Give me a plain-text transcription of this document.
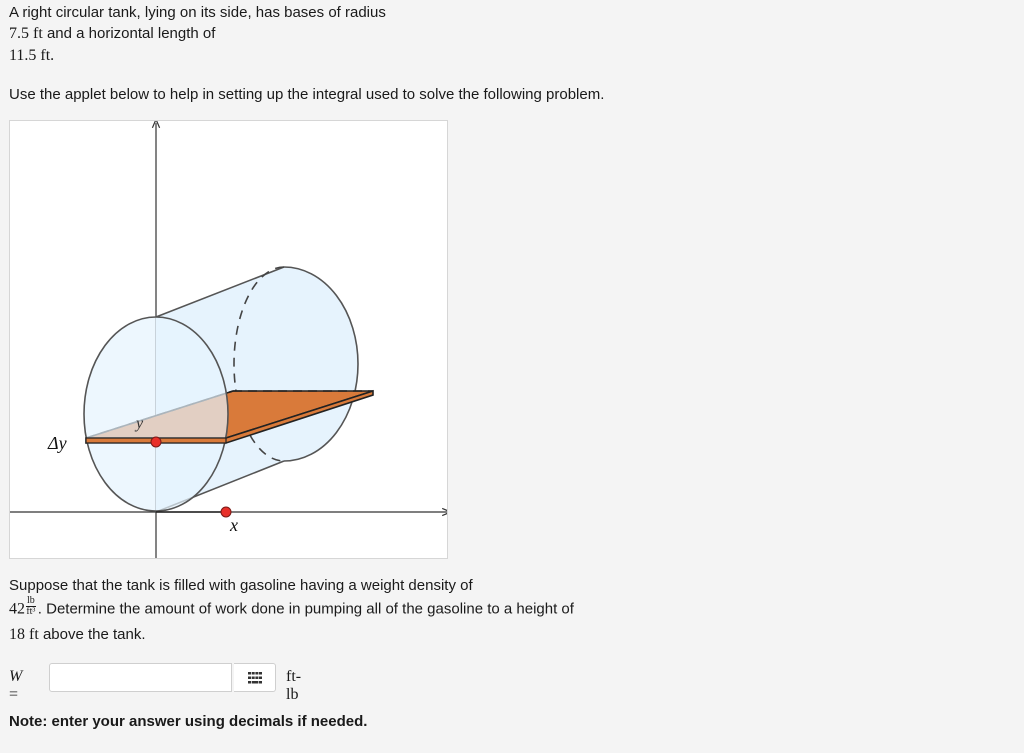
A right circular tank, lying on its side, has bases of radius
7.5 ft and a horizontal length of
11.5 ft.
Use the applet below to help in setting up the integral used to solve the following problem.
Δy
y
x
Suppose that the tank is filled with gasoline having a weight density of
$42 \frac{lb}{\text{ft³}}$ . Determine the amount of work done in pumping all of the gasoline to a height of
18 ft above the tank.
W =
ft-lb
Note: enter your answer using decimals if needed.
